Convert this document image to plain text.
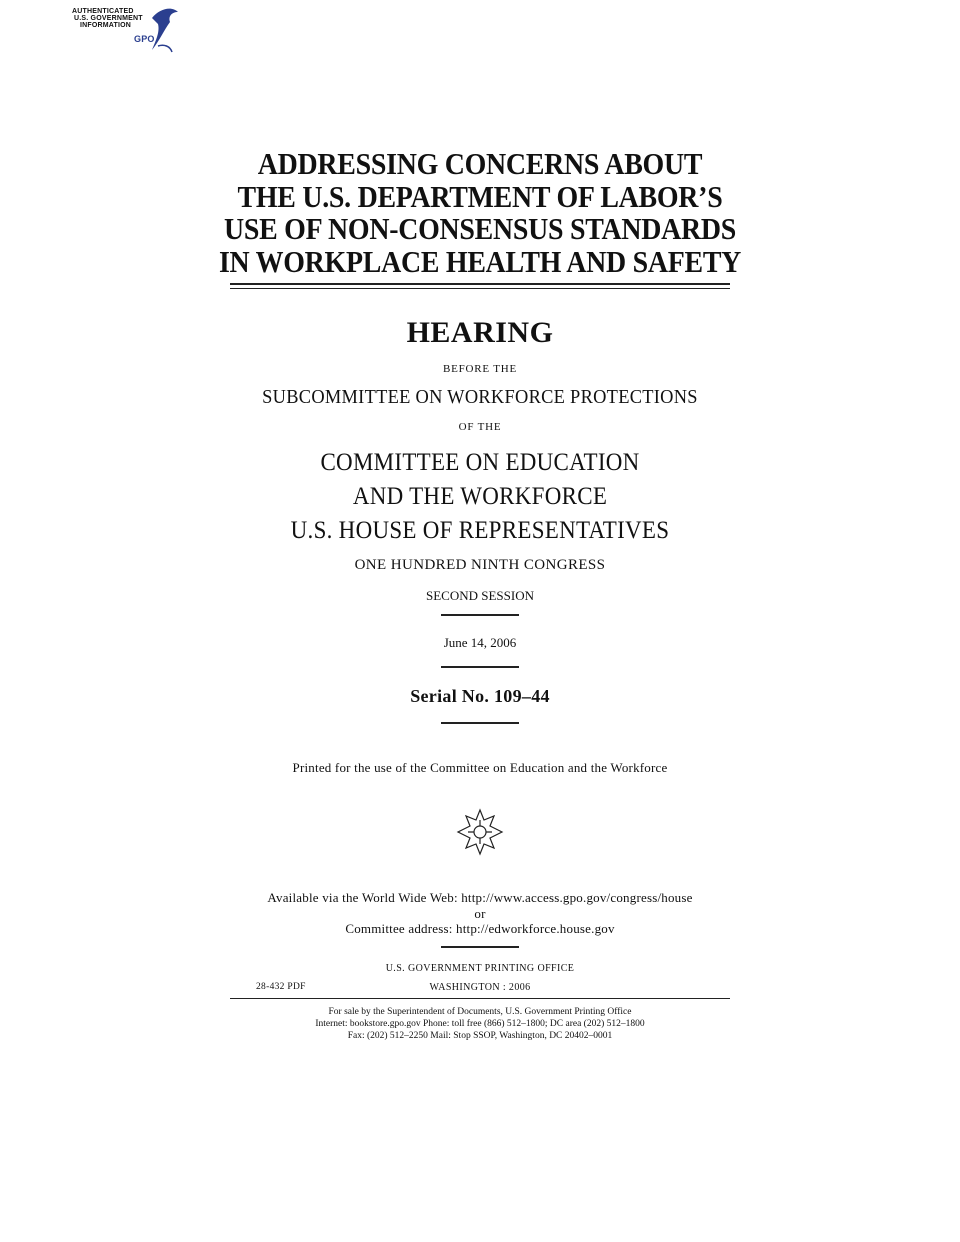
AUTHENTICATED
U.S. GOVERNMENT
INFORMATION
GPO
ADDRESSING CONCERNS ABOUT
THE U.S. DEPARTMENT OF LABOR’S
USE OF NON-CONSENSUS STANDARDS
IN WORKPLACE HEALTH AND SAFETY
HEARING
BEFORE THE
SUBCOMMITTEE ON WORKFORCE PROTECTIONS
OF THE
COMMITTEE ON EDUCATION
AND THE WORKFORCE
U.S. HOUSE OF REPRESENTATIVES
ONE HUNDRED NINTH CONGRESS
SECOND SESSION
June 14, 2006
Serial No. 109–44
Printed for the use of the Committee on Education and the Workforce
Available via the World Wide Web: http://www.access.gpo.gov/congress/house
or
Committee address: http://edworkforce.house.gov
U.S. GOVERNMENT PRINTING OFFICE
28-432 PDF	WASHINGTON : 2006
For sale by the Superintendent of Documents, U.S. Government Printing Office
Internet: bookstore.gpo.gov Phone: toll free (866) 512–1800; DC area (202) 512–1800
Fax: (202) 512–2250 Mail: Stop SSOP, Washington, DC 20402–0001
